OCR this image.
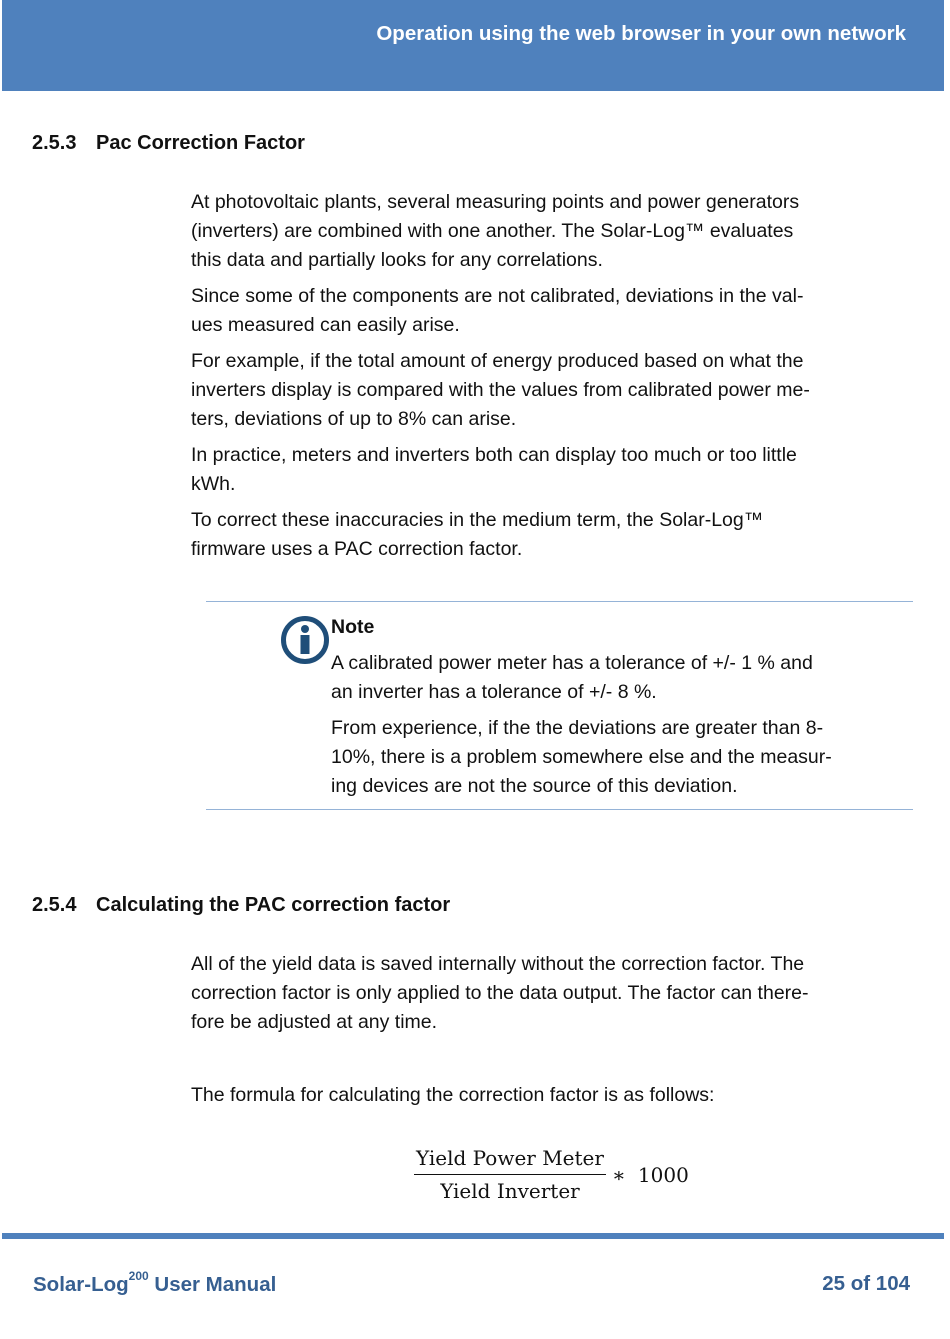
Operation using the web browser in your own network
2.5.3 Pac Correction Factor

At photovoltaic plants, several measuring points and power generators
(inverters) are combined with one another. The Solar-Log™ evaluates
this data and partially looks for any correlations.

Since some of the components are not calibrated, deviations in the val-
ues measured can easily arise.

For example, if the total amount of energy produced based on what the
inverters display is compared with the values from calibrated power me-
ters, deviations of up to 8% can arise.

In practice, meters and inverters both can display too much or too little
kWh.

To correct these inaccuracies in the medium term, the Solar-Log™
firmware uses a PAC correction factor.

Note

A calibrated power meter has a tolerance of +/- 1 % and
an inverter has a tolerance of +/- 8 %.

From experience, if the the deviations are greater than 8-
10%, there is a problem somewhere else and the measur-
ing devices are not the source of this deviation.

2.5.4 Calculating the PAC correction factor

All of the yield data is saved internally without the correction factor. The
correction factor is only applied to the data output. The factor can there-
fore be adjusted at any time.

The formula for calculating the correction factor is as follows:

$\frac{\text{Yield Power Meter}}{\text{Yield Inverter}}$ ∗ 1000
Solar-Log$^{200}$ User Manual	25 of 104
